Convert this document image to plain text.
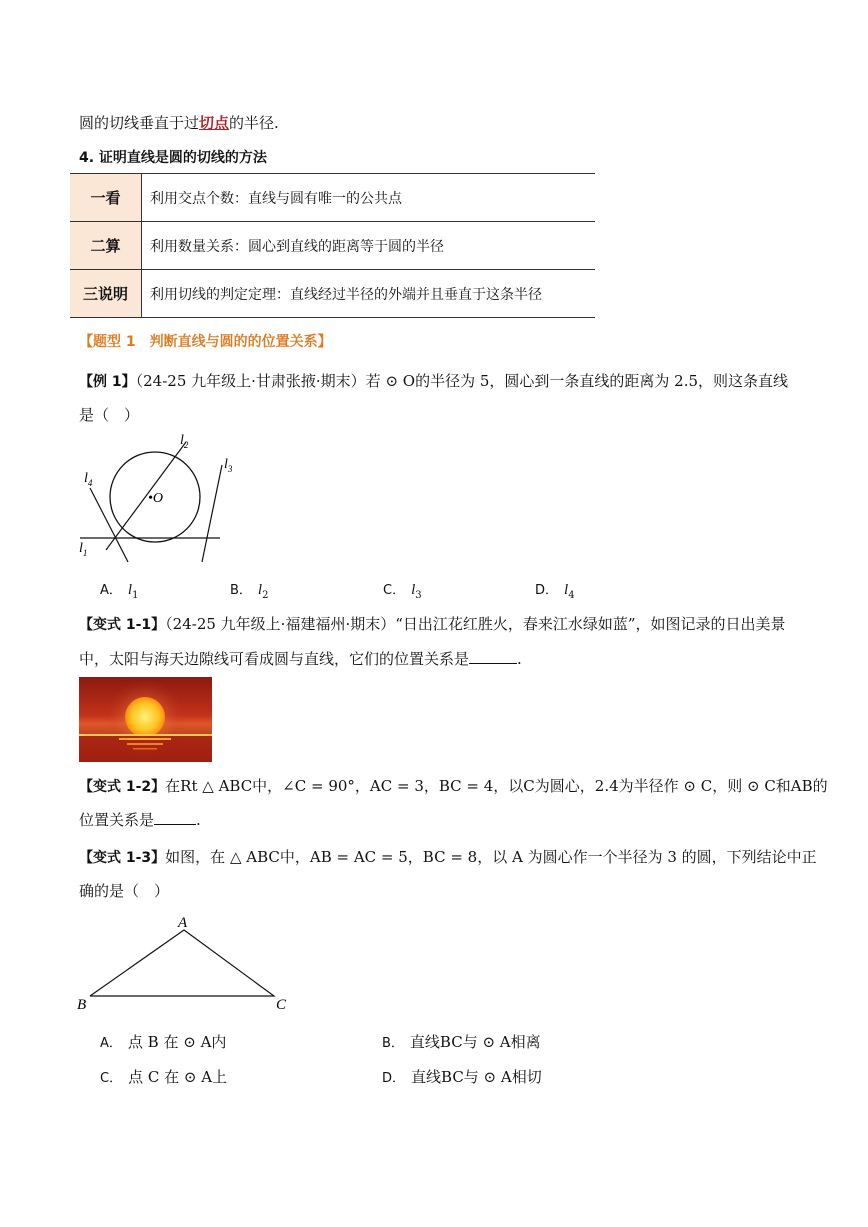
圆的切线垂直于过切点的半径.
4. 证明直线是圆的切线的方法
一看	利用交点个数：直线与圆有唯一的公共点
二算	利用数量关系：圆心到直线的距离等于圆的半径
三说明	利用切线的判定定理：直线经过半径的外端并且垂直于这条半径
【题型 1　判断直线与圆的的位置关系】
【例 1】（24-25 九年级上·甘肃张掖·期末）若 ⊙ O的半径为 5，圆心到一条直线的距离为 2.5，则这条直线
是（　）
$l_2$
$l_3$
$l_4$
$l_1$
•O
A． $l_1$	B． $l_2$	C． $l_3$	D． $l_4$
【变式 1-1】（24-25 九年级上·福建福州·期末）“日出江花红胜火，春来江水绿如蓝”，如图记录的日出美景
中，太阳与海天边隙线可看成圆与直线，它们的位置关系是	.
【变式 1-2】在Rt △ ABC中，∠C = 90°，AC = 3，BC = 4，以C为圆心，2.4为半径作 ⊙ C，则 ⊙ C和AB的
位置关系是	.
【变式 1-3】如图，在 △ ABC中，AB = AC = 5，BC = 8，以 A 为圆心作一个半径为 3 的圆，下列结论中正
确的是（　）
A
B	C
A． 点 B 在 ⊙ A内	B． 直线BC与 ⊙ A相离
C． 点 C 在 ⊙ A上	D． 直线BC与 ⊙ A相切
